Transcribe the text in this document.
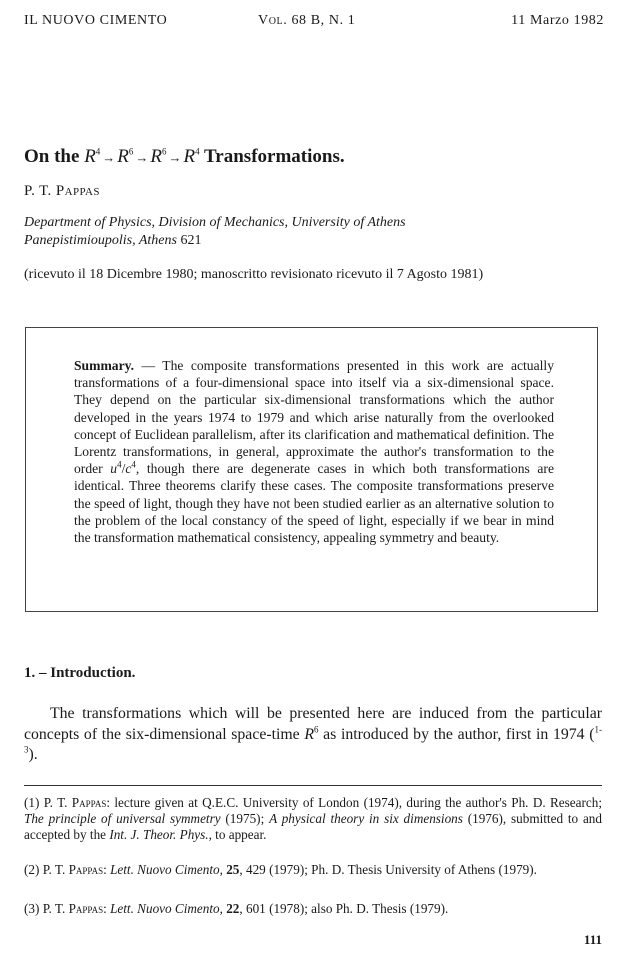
IL NUOVO CIMENTO	Vol. 68 B, N. 1	11 Marzo 1982
On the $R^4 \to R^6 \to R^6 \to R^4$ Transformations.
P. T. Pappas
Department of Physics, Division of Mechanics, University of Athens
Panepistimioupolis, Athens 621
(ricevuto il 18 Dicembre 1980; manoscritto revisionato ricevuto il 7 Agosto 1981)
Summary. — The composite transformations presented in this work are actually transformations of a four-dimensional space into itself via a six-dimensional space. They depend on the particular six-dimensional transformations which the author developed in the years 1974 to 1979 and which arise naturally from the overlooked concept of Euclidean parallelism, after its clarification and mathematical definition. The Lorentz transformations, in general, approximate the author's transformation to the order $u^4/c^4$, though there are degenerate cases in which both transformations are identical. Three theorems clarify these cases. The composite transformations preserve the speed of light, though they have not been studied earlier as an alternative solution to the problem of the local constancy of the speed of light, especially if we bear in mind the transformation mathematical consistency, appealing symmetry and beauty.
1. – Introduction.
The transformations which will be presented here are induced from the particular concepts of the six-dimensional space-time $R^6$ as introduced by the author, first in 1974 ($^{1-3}$).
(1) P. T. Pappas: lecture given at Q.E.C. University of London (1974), during the author's Ph. D. Research; The principle of universal symmetry (1975); A physical theory in six dimensions (1976), submitted to and accepted by the Int. J. Theor. Phys., to appear.
(2) P. T. Pappas: Lett. Nuovo Cimento, 25, 429 (1979); Ph. D. Thesis University of Athens (1979).
(3) P. T. Pappas: Lett. Nuovo Cimento, 22, 601 (1978); also Ph. D. Thesis (1979).
111
